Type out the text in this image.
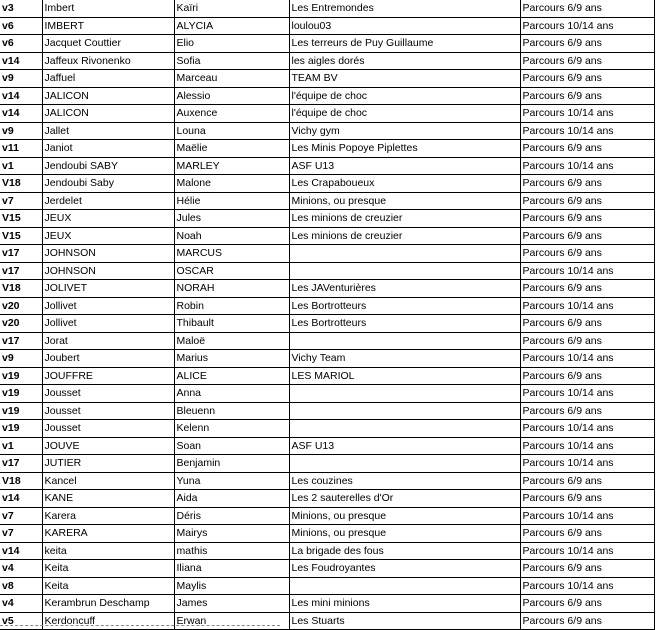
v3	Imbert	Kaïri	Les Entremondes	Parcours 6/9 ans
v6	IMBERT	ALYCIA	loulou03	Parcours 10/14 ans
v6	Jacquet Couttier	Elio	Les terreurs de Puy Guillaume	Parcours 6/9 ans
v14	Jaffeux Rivonenko	Sofia	les aigles dorés	Parcours 6/9 ans
v9	Jaffuel	Marceau	TEAM BV	Parcours 6/9 ans
v14	JALICON	Alessio	l'équipe de choc	Parcours 6/9 ans
v14	JALICON	Auxence	l'équipe de choc	Parcours 10/14 ans
v9	Jallet	Louna	Vichy gym	Parcours 10/14 ans
v11	Janiot	Maëlie	Les Minis Popoye Piplettes	Parcours 6/9 ans
v1	Jendoubi SABY	MARLEY	ASF U13	Parcours 10/14 ans
V18	Jendoubi Saby	Malone	Les Crapaboueux	Parcours 6/9 ans
v7	Jerdelet	Hélie	Minions, ou presque	Parcours 6/9 ans
V15	JEUX	Jules	Les minions de creuzier	Parcours 6/9 ans
V15	JEUX	Noah	Les minions de creuzier	Parcours 6/9 ans
v17	JOHNSON	MARCUS		Parcours 6/9 ans
v17	JOHNSON	OSCAR		Parcours 10/14 ans
V18	JOLIVET	NORAH	Les JAVenturières	Parcours 6/9 ans
v20	Jollivet	Robin	Les Bortrotteurs	Parcours 10/14 ans
v20	Jollivet	Thibault	Les Bortrotteurs	Parcours 6/9 ans
v17	Jorat	Maloë		Parcours 6/9 ans
v9	Joubert	Marius	Vichy Team	Parcours 10/14 ans
v19	JOUFFRE	ALICE	LES MARIOL	Parcours 6/9 ans
v19	Jousset	Anna		Parcours 10/14 ans
v19	Jousset	Bleuenn		Parcours 6/9 ans
v19	Jousset	Kelenn		Parcours 10/14 ans
v1	JOUVE	Soan	ASF U13	Parcours 10/14 ans
v17	JUTIER	Benjamin		Parcours 10/14 ans
V18	Kancel	Yuna	Les couzines	Parcours 6/9 ans
v14	KANE	Aida	Les 2 sauterelles d'Or	Parcours 6/9 ans
v7	Karera	Déris	Minions, ou presque	Parcours 10/14 ans
v7	KARERA	Mairys	Minions, ou presque	Parcours 6/9 ans
v14	keita	mathis	La brigade des fous	Parcours 10/14 ans
v4	Keita	Iliana	Les Foudroyantes	Parcours 6/9 ans
v8	Keita	Maylis		Parcours 10/14 ans
v4	Kerambrun Deschamp	James	Les mini minions	Parcours 6/9 ans
v5	Kerdoncuff	Erwan	Les Stuarts	Parcours 6/9 ans
